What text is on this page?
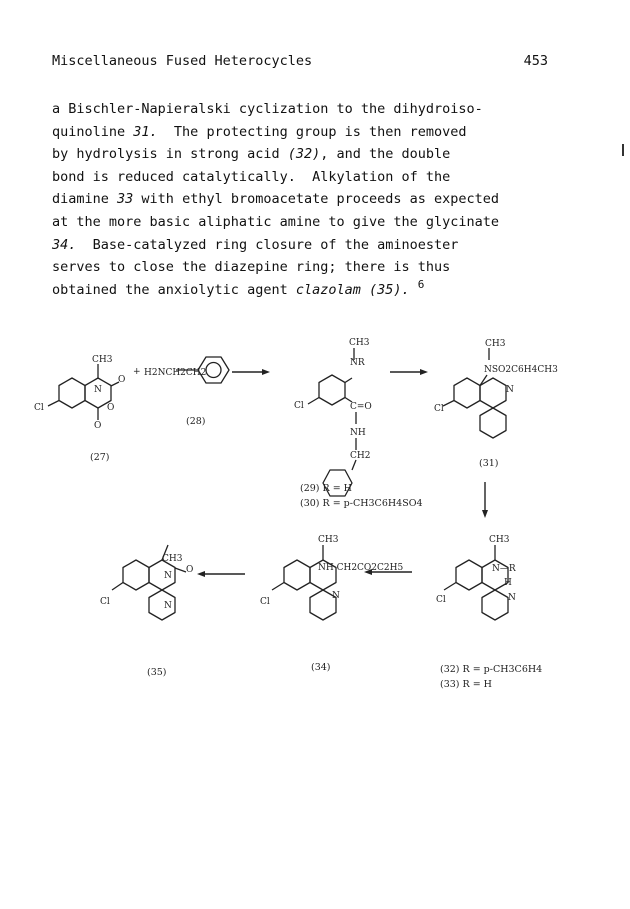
Miscellaneous Fused Heterocycles	453
a Bischler-Napieralski cyclization to the dihydroiso-
quinoline 31.  The protecting group is then removed
by hydrolysis in strong acid (32), and the double
bond is reduced catalytically.  Alkylation of the
diamine 33 with ethyl bromoacetate proceeds as expected
at the more basic aliphatic amine to give the glycinate
34.  Base-catalyzed ring closure of the aminoester
serves to close the diazepine ring; there is thus
obtained the anxiolytic agent clazolam (35). $^6$
CH3
N
O
O
O
Cl
+ H2NCH2CH2
CH3
NR
C=O
NH
CH2
Cl
CH3
NSO2C6H4CH3
N
Cl
CH3
N—R
H
N
Cl
CH3
NH CH2CO2C2H5
N
Cl
CH3
N
O
N
Cl
(27)
(28)
(29) R = H
(30) R = p-CH3C6H4SO4
(31)
(32) R = p-CH3C6H4
(33) R = H
(34)
(35)
